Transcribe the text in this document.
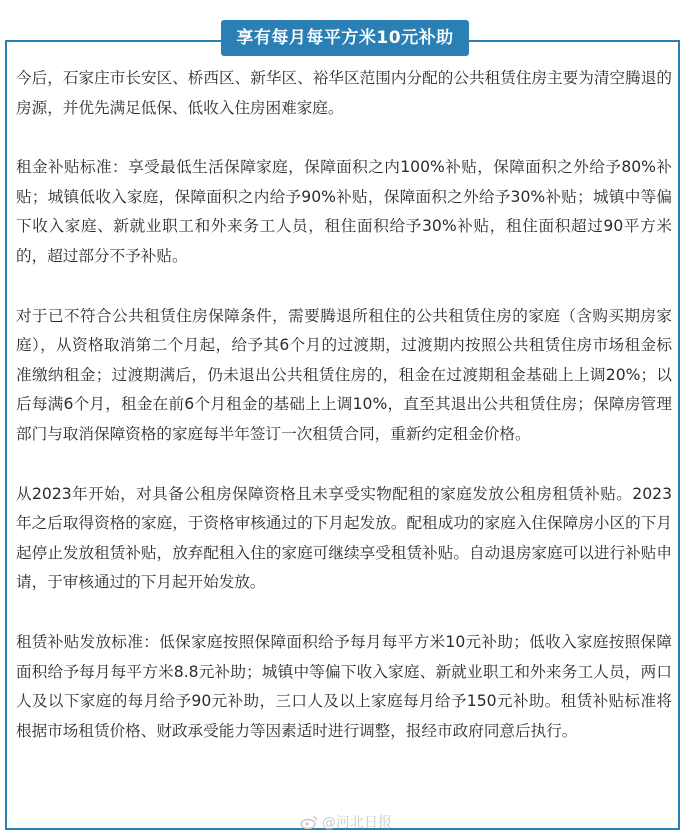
享有每月每平方米10元补助

今后，石家庄市长安区、桥西区、新华区、裕华区范围内分配的公共租赁住房主要为清空腾退的房源，并优先满足低保、低收入住房困难家庭。

租金补贴标准：享受最低生活保障家庭，保障面积之内100%补贴，保障面积之外给予80%补贴；城镇低收入家庭，保障面积之内给予90%补贴，保障面积之外给予30%补贴；城镇中等偏下收入家庭、新就业职工和外来务工人员，租住面积给予30%补贴，租住面积超过90平方米的，超过部分不予补贴。

对于已不符合公共租赁住房保障条件，需要腾退所租住的公共租赁住房的家庭（含购买期房家庭），从资格取消第二个月起，给予其6个月的过渡期，过渡期内按照公共租赁住房市场租金标准缴纳租金；过渡期满后，仍未退出公共租赁住房的，租金在过渡期租金基础上上调20%；以后每满6个月，租金在前6个月租金的基础上上调10%，直至其退出公共租赁住房；保障房管理部门与取消保障资格的家庭每半年签订一次租赁合同，重新约定租金价格。

从2023年开始，对具备公租房保障资格且未享受实物配租的家庭发放公租房租赁补贴。2023年之后取得资格的家庭，于资格审核通过的下月起发放。配租成功的家庭入住保障房小区的下月起停止发放租赁补贴，放弃配租入住的家庭可继续享受租赁补贴。自动退房家庭可以进行补贴申请，于审核通过的下月起开始发放。

租赁补贴发放标准：低保家庭按照保障面积给予每月每平方米10元补助；低收入家庭按照保障面积给予每月每平方米8.8元补助；城镇中等偏下收入家庭、新就业职工和外来务工人员，两口人及以下家庭的每月给予90元补助，三口人及以上家庭每月给予150元补助。租赁补贴标准将根据市场租赁价格、财政承受能力等因素适时进行调整，报经市政府同意后执行。

@河北日报
